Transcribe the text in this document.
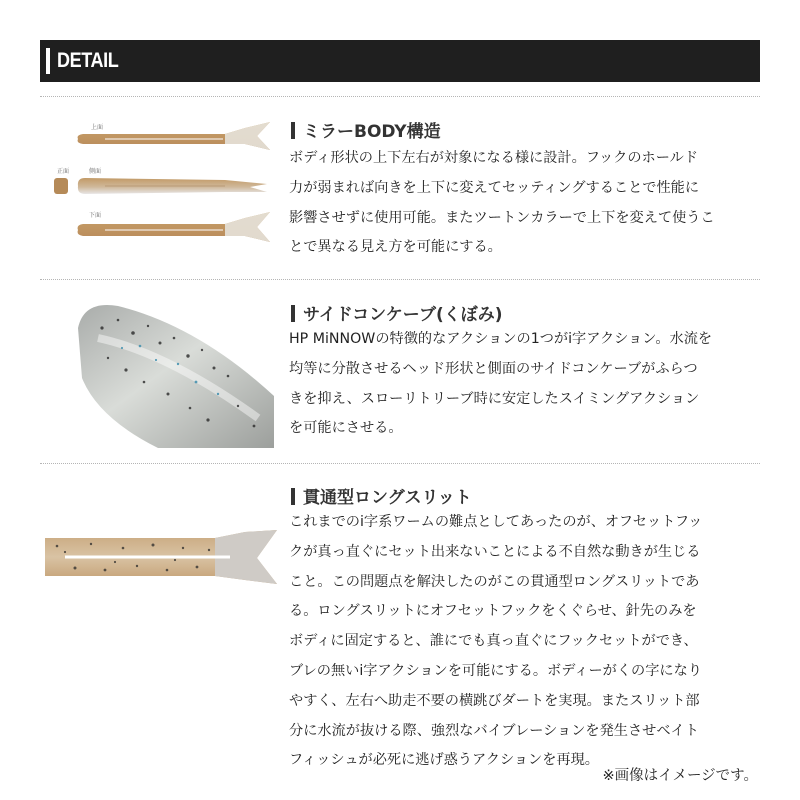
DETAIL
上面
正面	側面
下面
ミラーBODY構造
ボディ形状の上下左右が対象になる様に設計。フックのホールド
力が弱まれば向きを上下に変えてセッティングすることで性能に
影響させずに使用可能。またツートンカラーで上下を変えて使うこ
とで異なる見え方を可能にする。
サイドコンケーブ(くぼみ)
HP MiNNOWの特徴的なアクションの1つがi字アクション。水流を
均等に分散させるヘッド形状と側面のサイドコンケーブがふらつ
きを抑え、スローリトリーブ時に安定したスイミングアクション
を可能にさせる。
貫通型ロングスリット
これまでのi字系ワームの難点としてあったのが、オフセットフッ
クが真っ直ぐにセット出来ないことによる不自然な動きが生じる
こと。この問題点を解決したのがこの貫通型ロングスリットであ
る。ロングスリットにオフセットフックをくぐらせ、針先のみを
ボディに固定すると、誰にでも真っ直ぐにフックセットができ、
ブレの無いi字アクションを可能にする。ボディーがくの字になり
やすく、左右へ助走不要の横跳びダートを実現。またスリット部
分に水流が抜ける際、強烈なバイブレーションを発生させベイト
フィッシュが必死に逃げ惑うアクションを再現。
※画像はイメージです。
